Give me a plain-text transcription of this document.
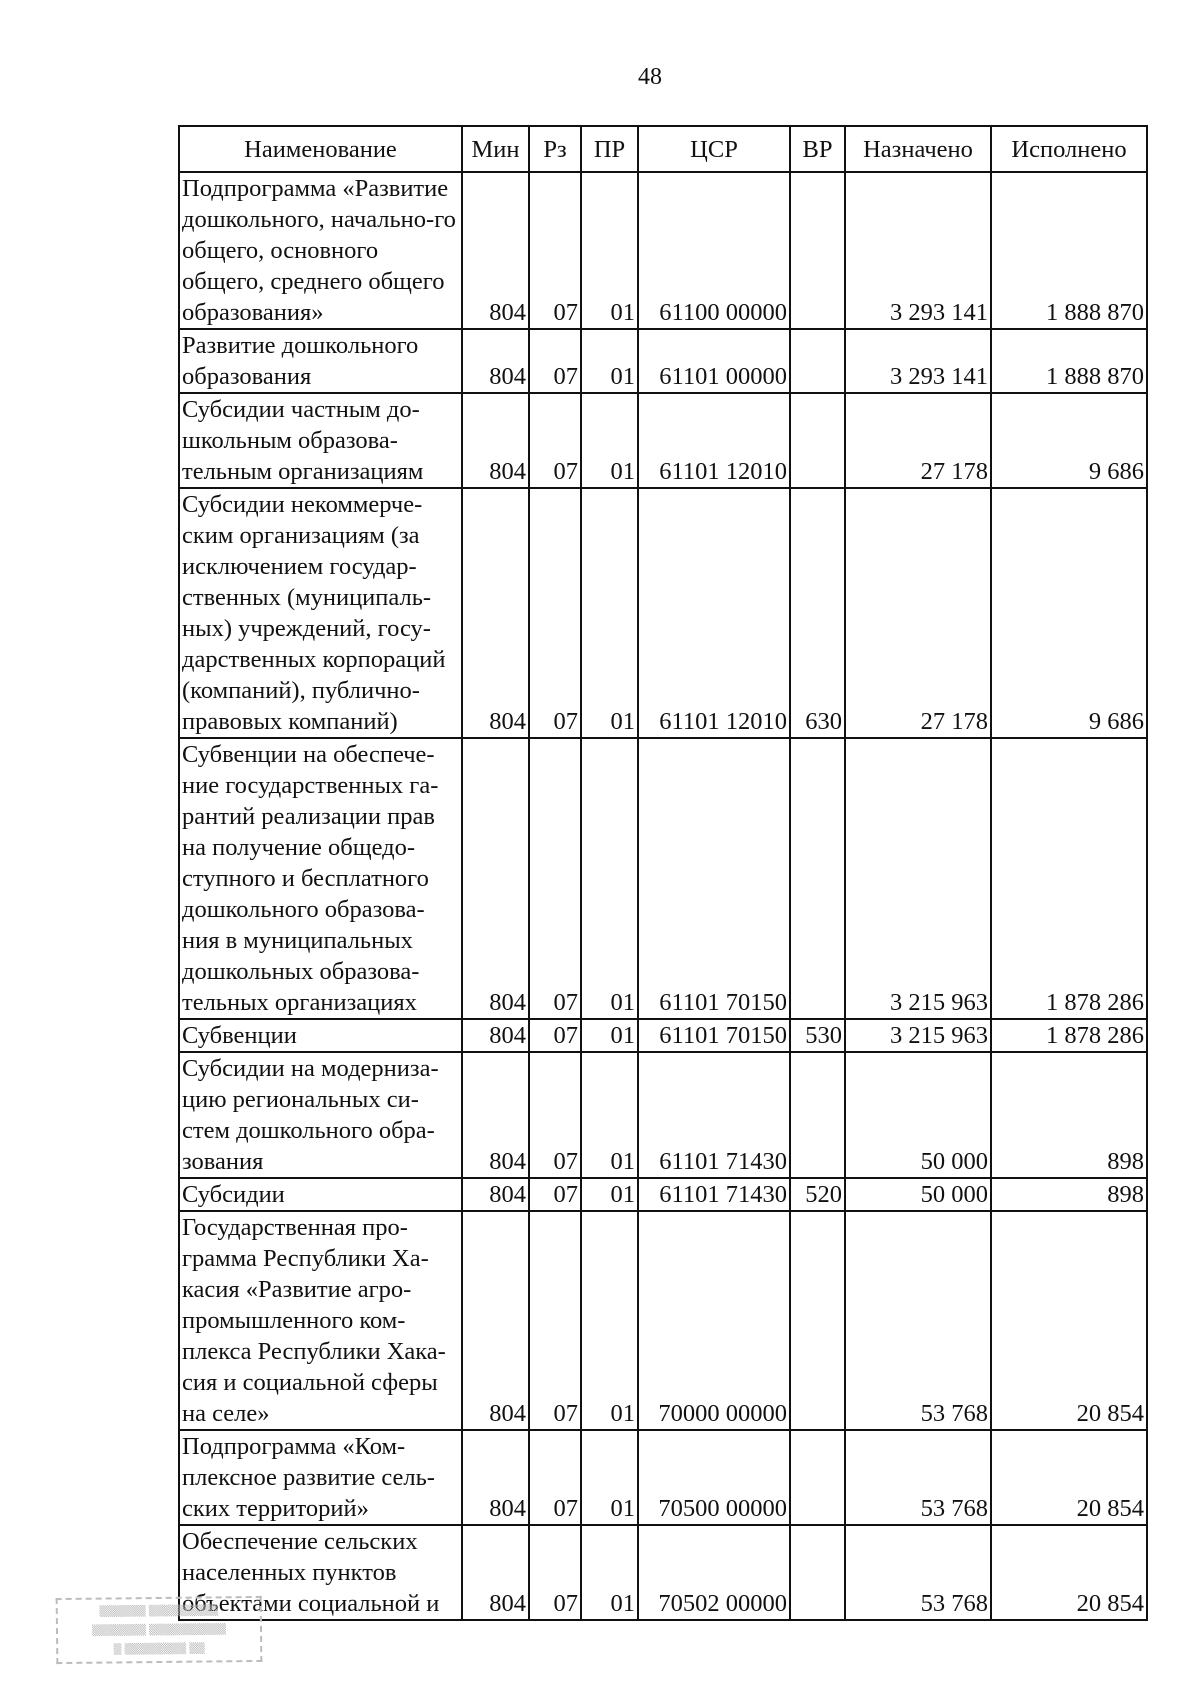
48
Наименование	Мин	Рз	ПР	ЦСР	ВР	Назначено	Исполнено
Подпрограмма «Развитие дошкольного, начально-го общего, основного общего, среднего общего образования»	804	07	01	61100 00000		3 293 141	1 888 870
Развитие дошкольного образования	804	07	01	61101 00000		3 293 141	1 888 870
Субсидии частным до-школьным образова-тельным организациям	804	07	01	61101 12010		27 178	9 686
Субсидии некоммерче-ским организациям (за исключением государ-ственных (муниципаль-ных) учреждений, госу-дарственных корпораций (компаний), публично-правовых компаний)	804	07	01	61101 12010	630	27 178	9 686
Субвенции на обеспече-ние государственных га-рантий реализации прав на получение общедо-ступного и бесплатного дошкольного образова-ния в муниципальных дошкольных образова-тельных организациях	804	07	01	61101 70150		3 215 963	1 878 286
Субвенции	804	07	01	61101 70150	530	3 215 963	1 878 286
Субсидии на модерниза-цию региональных си-стем дошкольного обра-зования	804	07	01	61101 71430		50 000	898
Субсидии	804	07	01	61101 71430	520	50 000	898
Государственная про-грамма Республики Ха-касия «Развитие агро-промышленного ком-плекса Республики Хака-сия и социальной сферы на селе»	804	07	01	70000 00000		53 768	20 854
Подпрограмма «Ком-плексное развитие сель-ских территорий»	804	07	01	70500 00000		53 768	20 854
Обеспечение сельских населенных пунктов объектами социальной и	804	07	01	70502 00000		53 768	20 854
▒▒▒▒▒▒ ▒▒▒▒▒▒▒▒▒
▒▒▒▒▒▒▒ ▒▒▒▒▒▒▒▒▒▒
▒ ▒▒▒▒▒▒▒▒ ▒▒
